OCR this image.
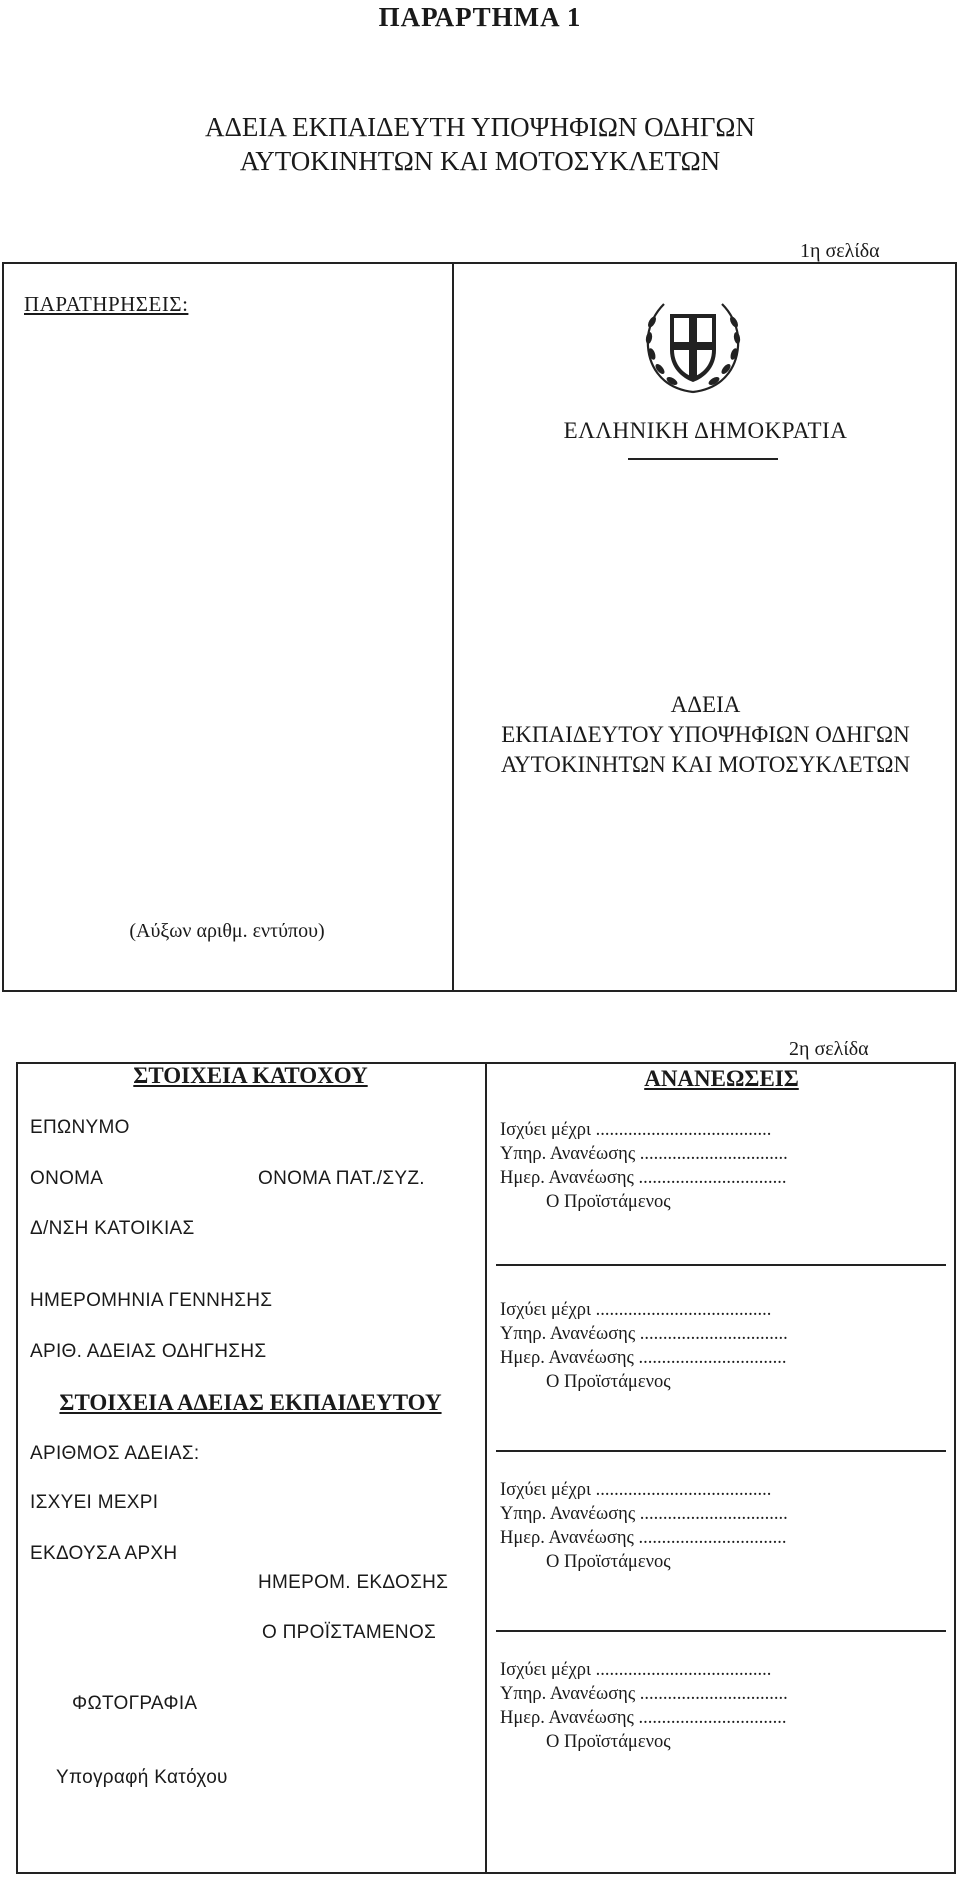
ΠΑΡΑΡΤΗΜΑ 1
ΑΔΕΙΑ ΕΚΠΑΙΔΕΥΤΗ ΥΠΟΨΗΦΙΩΝ ΟΔΗΓΩΝ
ΑΥΤΟΚΙΝΗΤΩΝ ΚΑΙ ΜΟΤΟΣΥΚΛΕΤΩΝ
1η σελίδα
ΠΑΡΑΤΗΡΗΣΕΙΣ:
(Αύξων αριθμ. εντύπου)
ΕΛΛΗΝΙΚΗ ΔΗΜΟΚΡΑΤΙΑ
ΑΔΕΙΑ
ΕΚΠΑΙΔΕΥΤΟΥ ΥΠΟΨΗΦΙΩΝ ΟΔΗΓΩΝ
ΑΥΤΟΚΙΝΗΤΩΝ ΚΑΙ ΜΟΤΟΣΥΚΛΕΤΩΝ
2η σελίδα
ΣΤΟΙΧΕΙΑ ΚΑΤΟΧΟΥ
ΕΠΩΝΥΜΟ
ΟΝΟΜΑ	ΟΝΟΜΑ ΠΑΤ./ΣΥΖ.
Δ/ΝΣΗ ΚΑΤΟΙΚΙΑΣ
ΗΜΕΡΟΜΗΝΙΑ ΓΕΝΝΗΣΗΣ
ΑΡΙΘ. ΑΔΕΙΑΣ ΟΔΗΓΗΣΗΣ
ΣΤΟΙΧΕΙΑ ΑΔΕΙΑΣ ΕΚΠΑΙΔΕΥΤΟΥ
ΑΡΙΘΜΟΣ ΑΔΕΙΑΣ:
ΙΣΧΥΕΙ ΜΕΧΡΙ
ΕΚΔΟΥΣΑ ΑΡΧΗ
ΗΜΕΡΟΜ. ΕΚΔΟΣΗΣ
Ο ΠΡΟΪΣΤΑΜΕΝΟΣ
ΦΩΤΟΓΡΑΦΙΑ
Υπογραφή Κατόχου
ΑΝΑΝΕΩΣΕΙΣ
Ισχύει μέχρι ......................................
Υπηρ. Ανανέωσης ................................
Ημερ. Ανανέωσης ................................
Ο Προϊστάμενος
Ισχύει μέχρι ......................................
Υπηρ. Ανανέωσης ................................
Ημερ. Ανανέωσης ................................
Ο Προϊστάμενος
Ισχύει μέχρι ......................................
Υπηρ. Ανανέωσης ................................
Ημερ. Ανανέωσης ................................
Ο Προϊστάμενος
Ισχύει μέχρι ......................................
Υπηρ. Ανανέωσης ................................
Ημερ. Ανανέωσης ................................
Ο Προϊστάμενος
